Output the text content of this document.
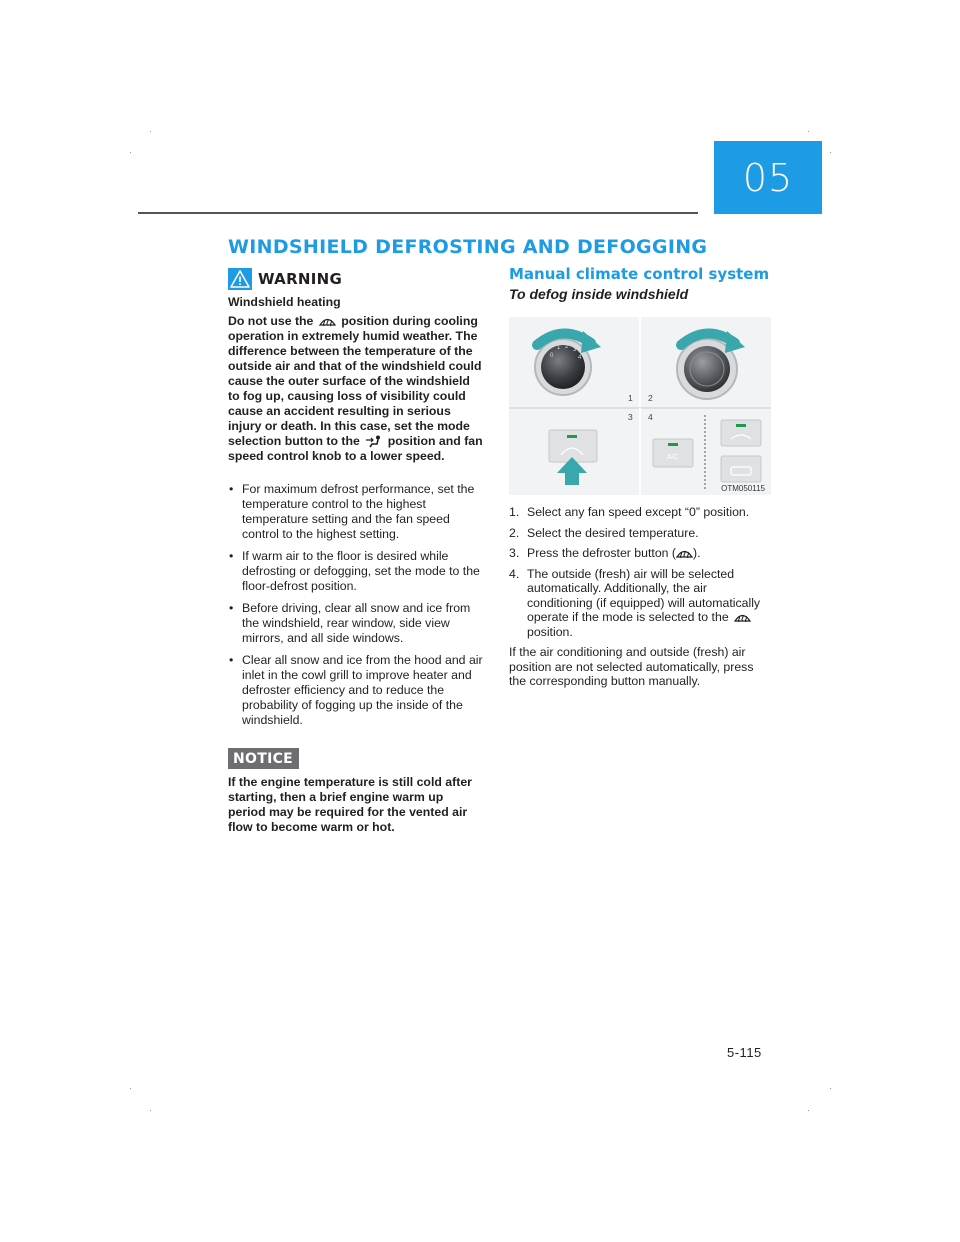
05
WINDSHIELD DEFROSTING AND DEFOGGING
WARNING
Windshield heating
Do not use the position during cooling operation in extremely humid weather. The difference between the temperature of the outside air and that of the windshield could cause the outer surface of the windshield to fog up, causing loss of visibility could cause an accident resulting in serious injury or death. In this case, set the mode selection button to the position and fan speed control knob to a lower speed.
• For maximum defrost performance, set the temperature control to the highest temperature setting and the fan speed control to the highest setting.
• If warm air to the floor is desired while defrosting or defogging, set the mode to the floor-defrost position.
• Before driving, clear all snow and ice from the windshield, rear window, side view mirrors, and all side windows.
• Clear all snow and ice from the hood and air inlet in the cowl grill to improve heater and defroster efficiency and to reduce the probability of fogging up the inside of the windshield.
NOTICE
If the engine temperature is still cold after starting, then a brief engine warm up period may be required for the vented air flow to become warm or hot.
Manual climate control system
To defog inside windshield
0
1 2 3
4
A/C
1 2
3 4
OTM050115
1. Select any fan speed except “0” position.
2. Select the desired temperature.
3. Press the defroster button ( ).
4. The outside (fresh) air will be selected automatically. Additionally, the air conditioning (if equipped) will automatically operate if the mode is selected to the  position.
If the air conditioning and outside (fresh) air position are not selected automatically, press the corresponding button manually.
5-115
